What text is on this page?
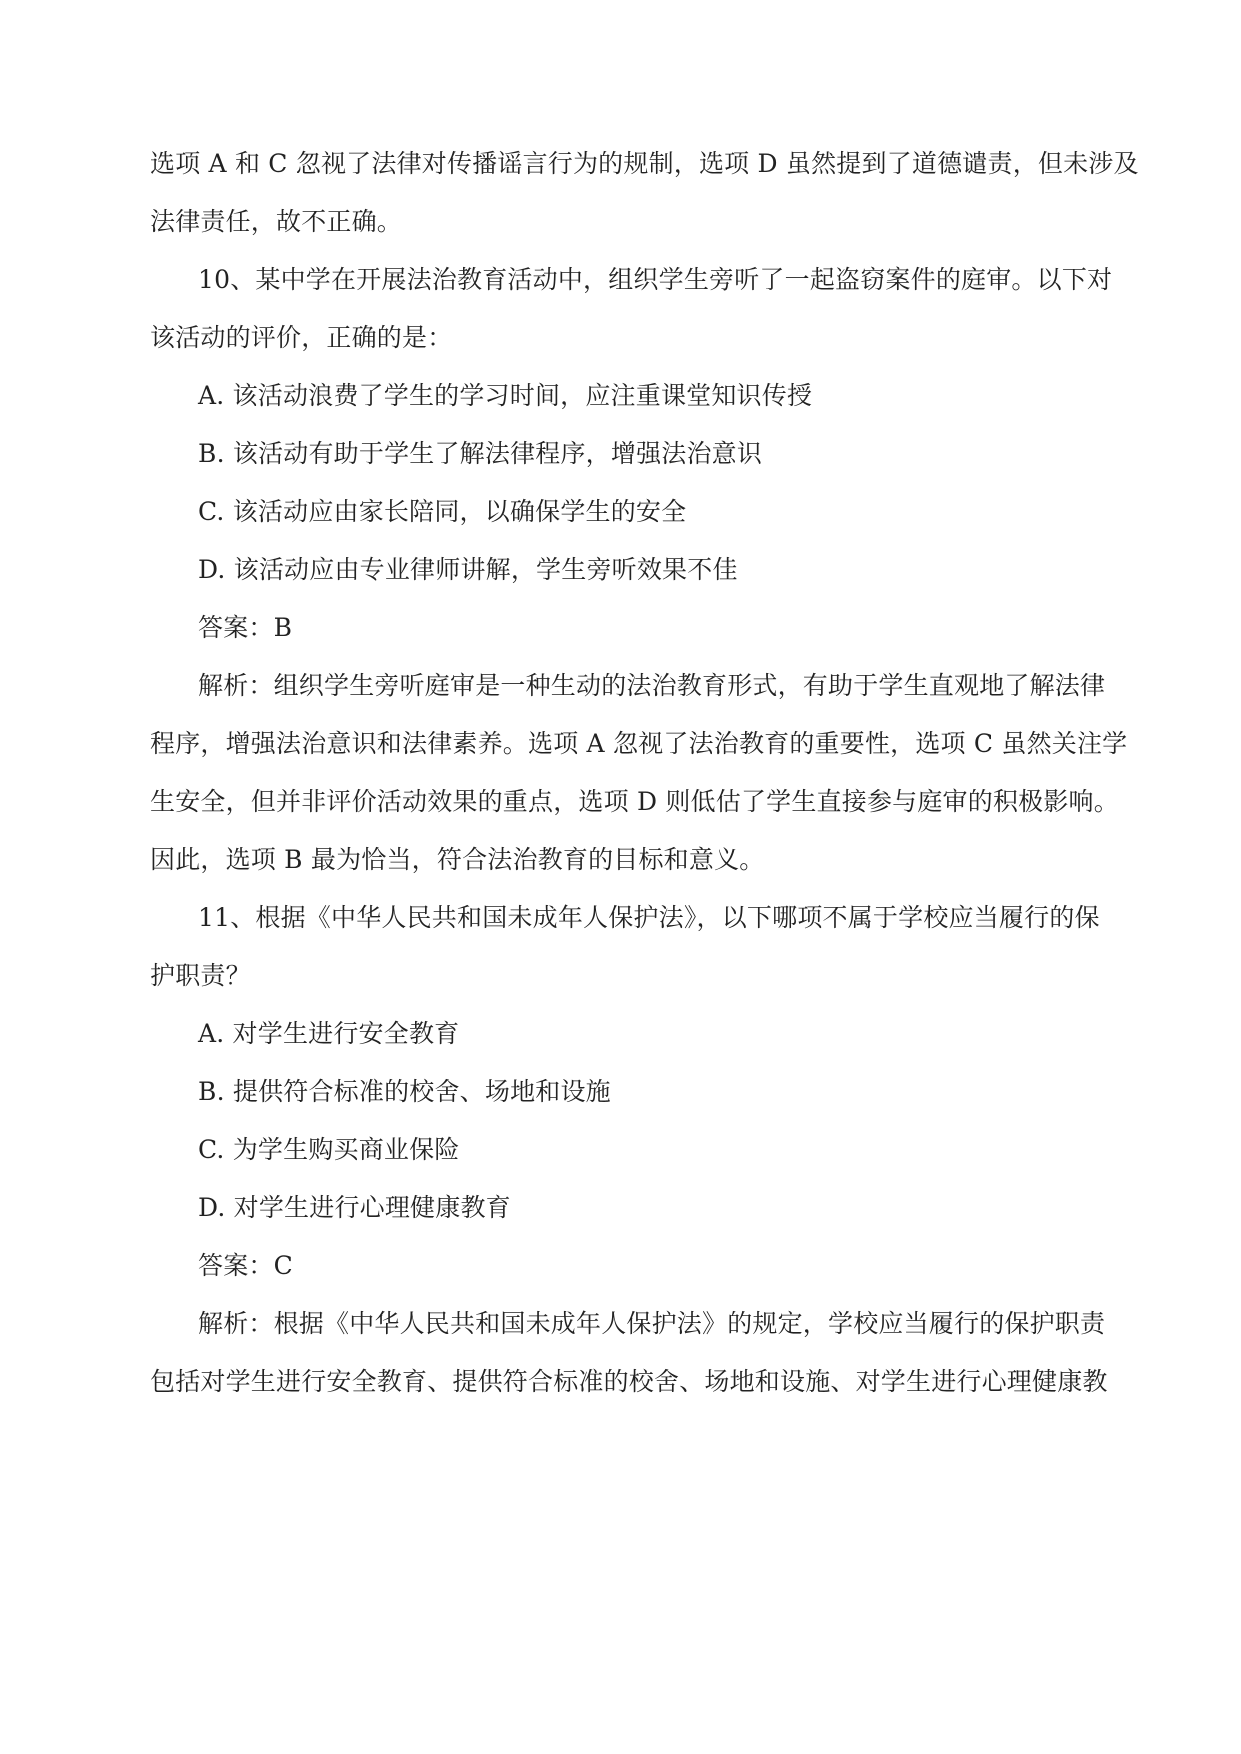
选项 A 和 C 忽视了法律对传播谣言行为的规制，选项 D 虽然提到了道德谴责，但未涉及
法律责任，故不正确。
10、某中学在开展法治教育活动中，组织学生旁听了一起盗窃案件的庭审。以下对
该活动的评价，正确的是：
A. 该活动浪费了学生的学习时间，应注重课堂知识传授
B. 该活动有助于学生了解法律程序，增强法治意识
C. 该活动应由家长陪同，以确保学生的安全
D. 该活动应由专业律师讲解，学生旁听效果不佳
答案：B
解析：组织学生旁听庭审是一种生动的法治教育形式，有助于学生直观地了解法律
程序，增强法治意识和法律素养。选项 A 忽视了法治教育的重要性，选项 C 虽然关注学
生安全，但并非评价活动效果的重点，选项 D 则低估了学生直接参与庭审的积极影响。
因此，选项 B 最为恰当，符合法治教育的目标和意义。
11、根据《中华人民共和国未成年人保护法》，以下哪项不属于学校应当履行的保
护职责？
A. 对学生进行安全教育
B. 提供符合标准的校舍、场地和设施
C. 为学生购买商业保险
D. 对学生进行心理健康教育
答案：C
解析：根据《中华人民共和国未成年人保护法》的规定，学校应当履行的保护职责
包括对学生进行安全教育、提供符合标准的校舍、场地和设施、对学生进行心理健康教
